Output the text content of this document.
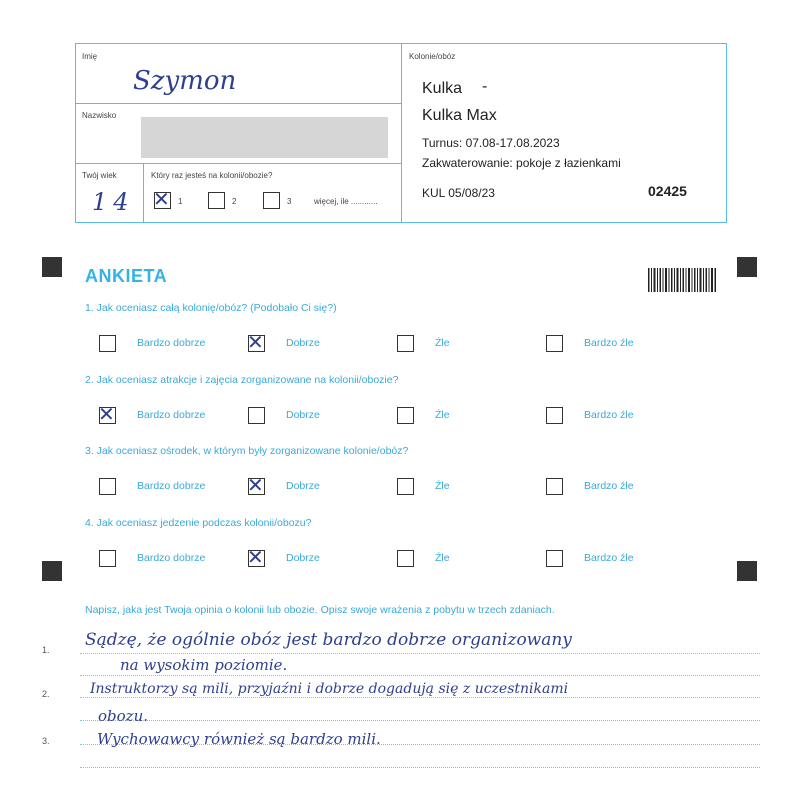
Imię
Szymon
Nazwisko
Twój wiek
14
Który raz jesteś na kolonii/obozie?
✕ 1	2	3	więcej, ile ............
Kolonie/obóz
Kulka -
Kulka Max
Turnus: 07.08-17.08.2023
Zakwaterowanie: pokoje z łazienkami
KUL 05/08/23	02425
ANKIETA
1. Jak oceniasz całą kolonię/obóz? (Podobało Ci się?)
Bardzo dobrze ✕ Dobrze	Źle	Bardzo źle
2. Jak oceniasz atrakcje i zajęcia zorganizowane na kolonii/obozie?
✕ Bardzo dobrze	Dobrze	Źle	Bardzo źle
3. Jak oceniasz ośrodek, w którym były zorganizowane kolonie/obóz?
Bardzo dobrze ✕ Dobrze	Źle	Bardzo źle
4. Jak oceniasz jedzenie podczas kolonii/obozu?
Bardzo dobrze ✕ Dobrze	Źle	Bardzo źle
Napisz, jaka jest Twoja opinia o kolonii lub obozie. Opisz swoje wrażenia z pobytu w trzech zdaniach.
1.
2.
3.
Sądzę, że ogólnie obóz jest bardzo dobrze organizowany
na wysokim poziomie.
Instruktorzy są mili, przyjaźni i dobrze dogadują się z uczestnikami
obozu.
Wychowawcy również są bardzo mili.
